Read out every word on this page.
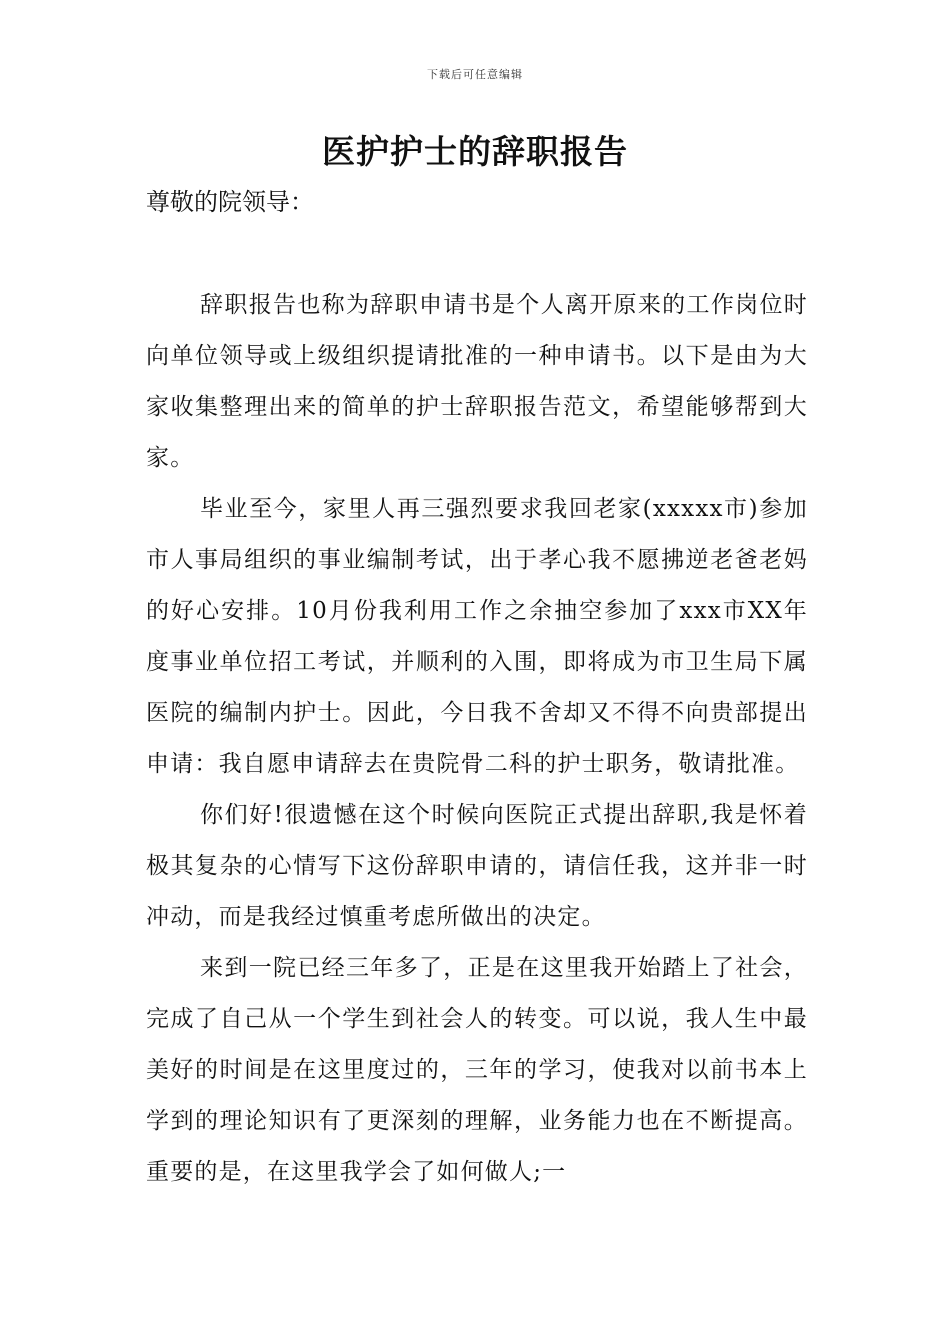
下载后可任意编辑
医护护士的辞职报告

尊敬的院领导：

辞职报告也称为辞职申请书是个人离开原来的工作岗位时向单位领导或上级组织提请批准的一种申请书。以下是由为大家收集整理出来的简单的护士辞职报告范文，希望能够帮到大家。

毕业至今，家里人再三强烈要求我回老家(xxxxx市)参加市人事局组织的事业编制考试，出于孝心我不愿拂逆老爸老妈的好心安排。10月份我利用工作之余抽空参加了xxx市XX年度事业单位招工考试，并顺利的入围，即将成为市卫生局下属医院的编制内护士。因此，今日我不舍却又不得不向贵部提出申请：我自愿申请辞去在贵院骨二科的护士职务，敬请批准。

你们好!很遗憾在这个时候向医院正式提出辞职,我是怀着极其复杂的心情写下这份辞职申请的，请信任我，这并非一时冲动，而是我经过慎重考虑所做出的决定。

来到一院已经三年多了，正是在这里我开始踏上了社会，完成了自己从一个学生到社会人的转变。可以说，我人生中最美好的时间是在这里度过的，三年的学习，使我对以前书本上学到的理论知识有了更深刻的理解，业务能力也在不断提高。重要的是，在这里我学会了如何做人;一
